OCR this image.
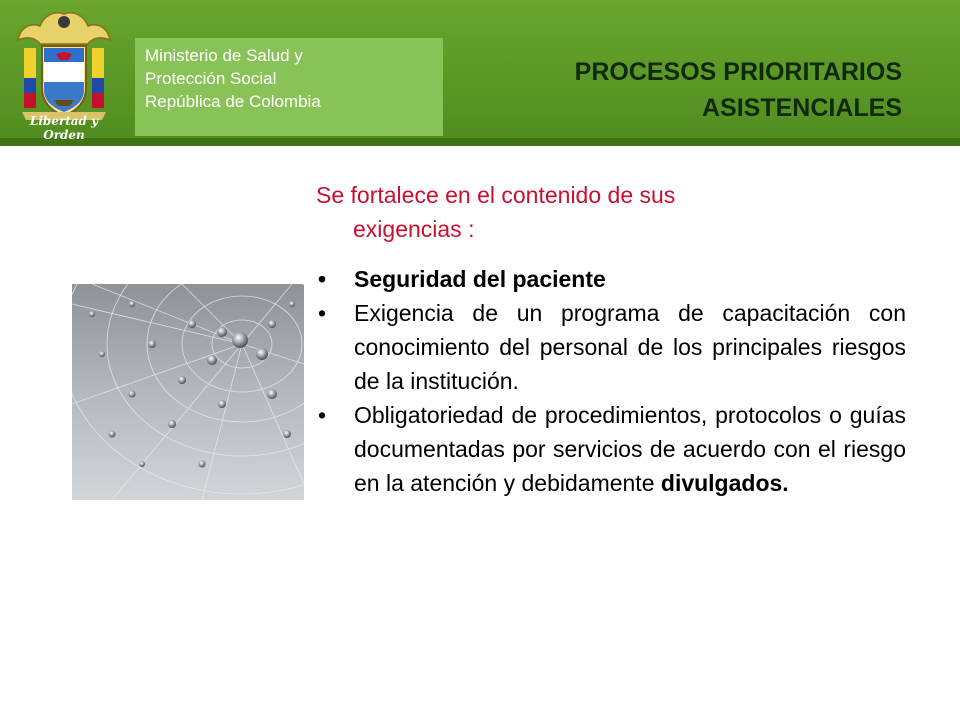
Libertad y Orden
Ministerio de Salud y
Protección Social
República de Colombia
PROCESOS PRIORITARIOS
ASISTENCIALES
Se fortalece en el contenido de sus
exigencias :
• Seguridad del paciente
• Exigencia de un programa de capacitación con conocimiento del personal de los principales riesgos de la institución.
• Obligatoriedad de procedimientos, protocolos o guías documentadas por servicios de acuerdo con el riesgo en la atención y debidamente divulgados.
